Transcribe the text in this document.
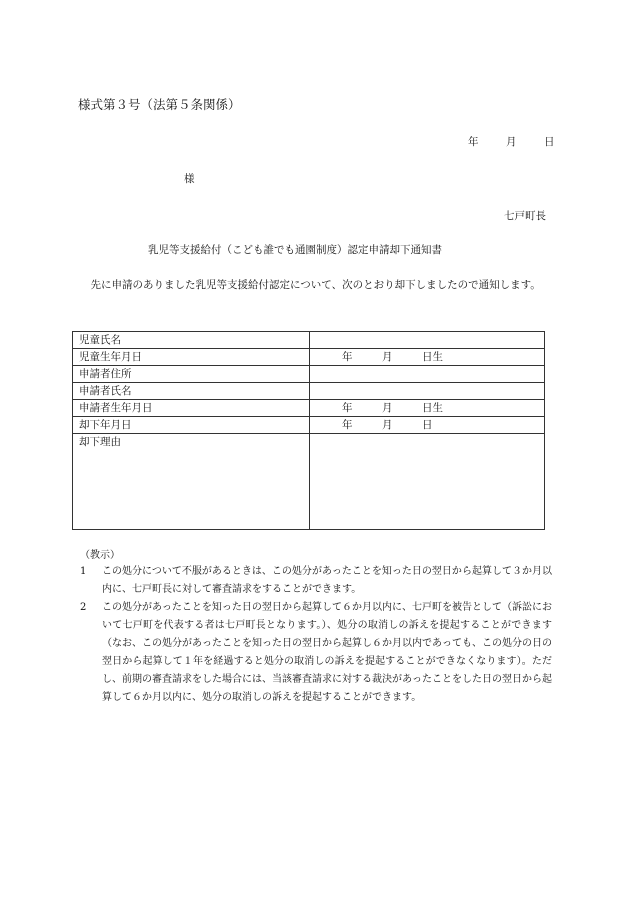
様式第３号（法第５条関係）
年	月	日
様
七戸町長
乳児等支援給付（こども誰でも通園制度）認定申請却下通知書
先に申請のありました乳児等支援給付認定について、次のとおり却下しましたので通知します。
児童氏名	
児童生年月日	年 月 日生
申請者住所	
申請者氏名	
申請者生年月日	年 月 日生
却下年月日	年 月 日
却下理由	
（教示）
1	この処分について不服があるときは、この処分があったことを知った日の翌日から起算して３か月以内に、七戸町長に対して審査請求をすることができます。
2	この処分があったことを知った日の翌日から起算して６か月以内に、七戸町を被告として（訴訟において七戸町を代表する者は七戸町長となります。）、処分の取消しの訴えを提起することができます（なお、この処分があったことを知った日の翌日から起算し６か月以内であっても、この処分の日の翌日から起算して１年を経過すると処分の取消しの訴えを提起することができなくなります）。ただし、前期の審査請求をした場合には、当該審査請求に対する裁決があったことをした日の翌日から起算して６か月以内に、処分の取消しの訴えを提起することができます。
